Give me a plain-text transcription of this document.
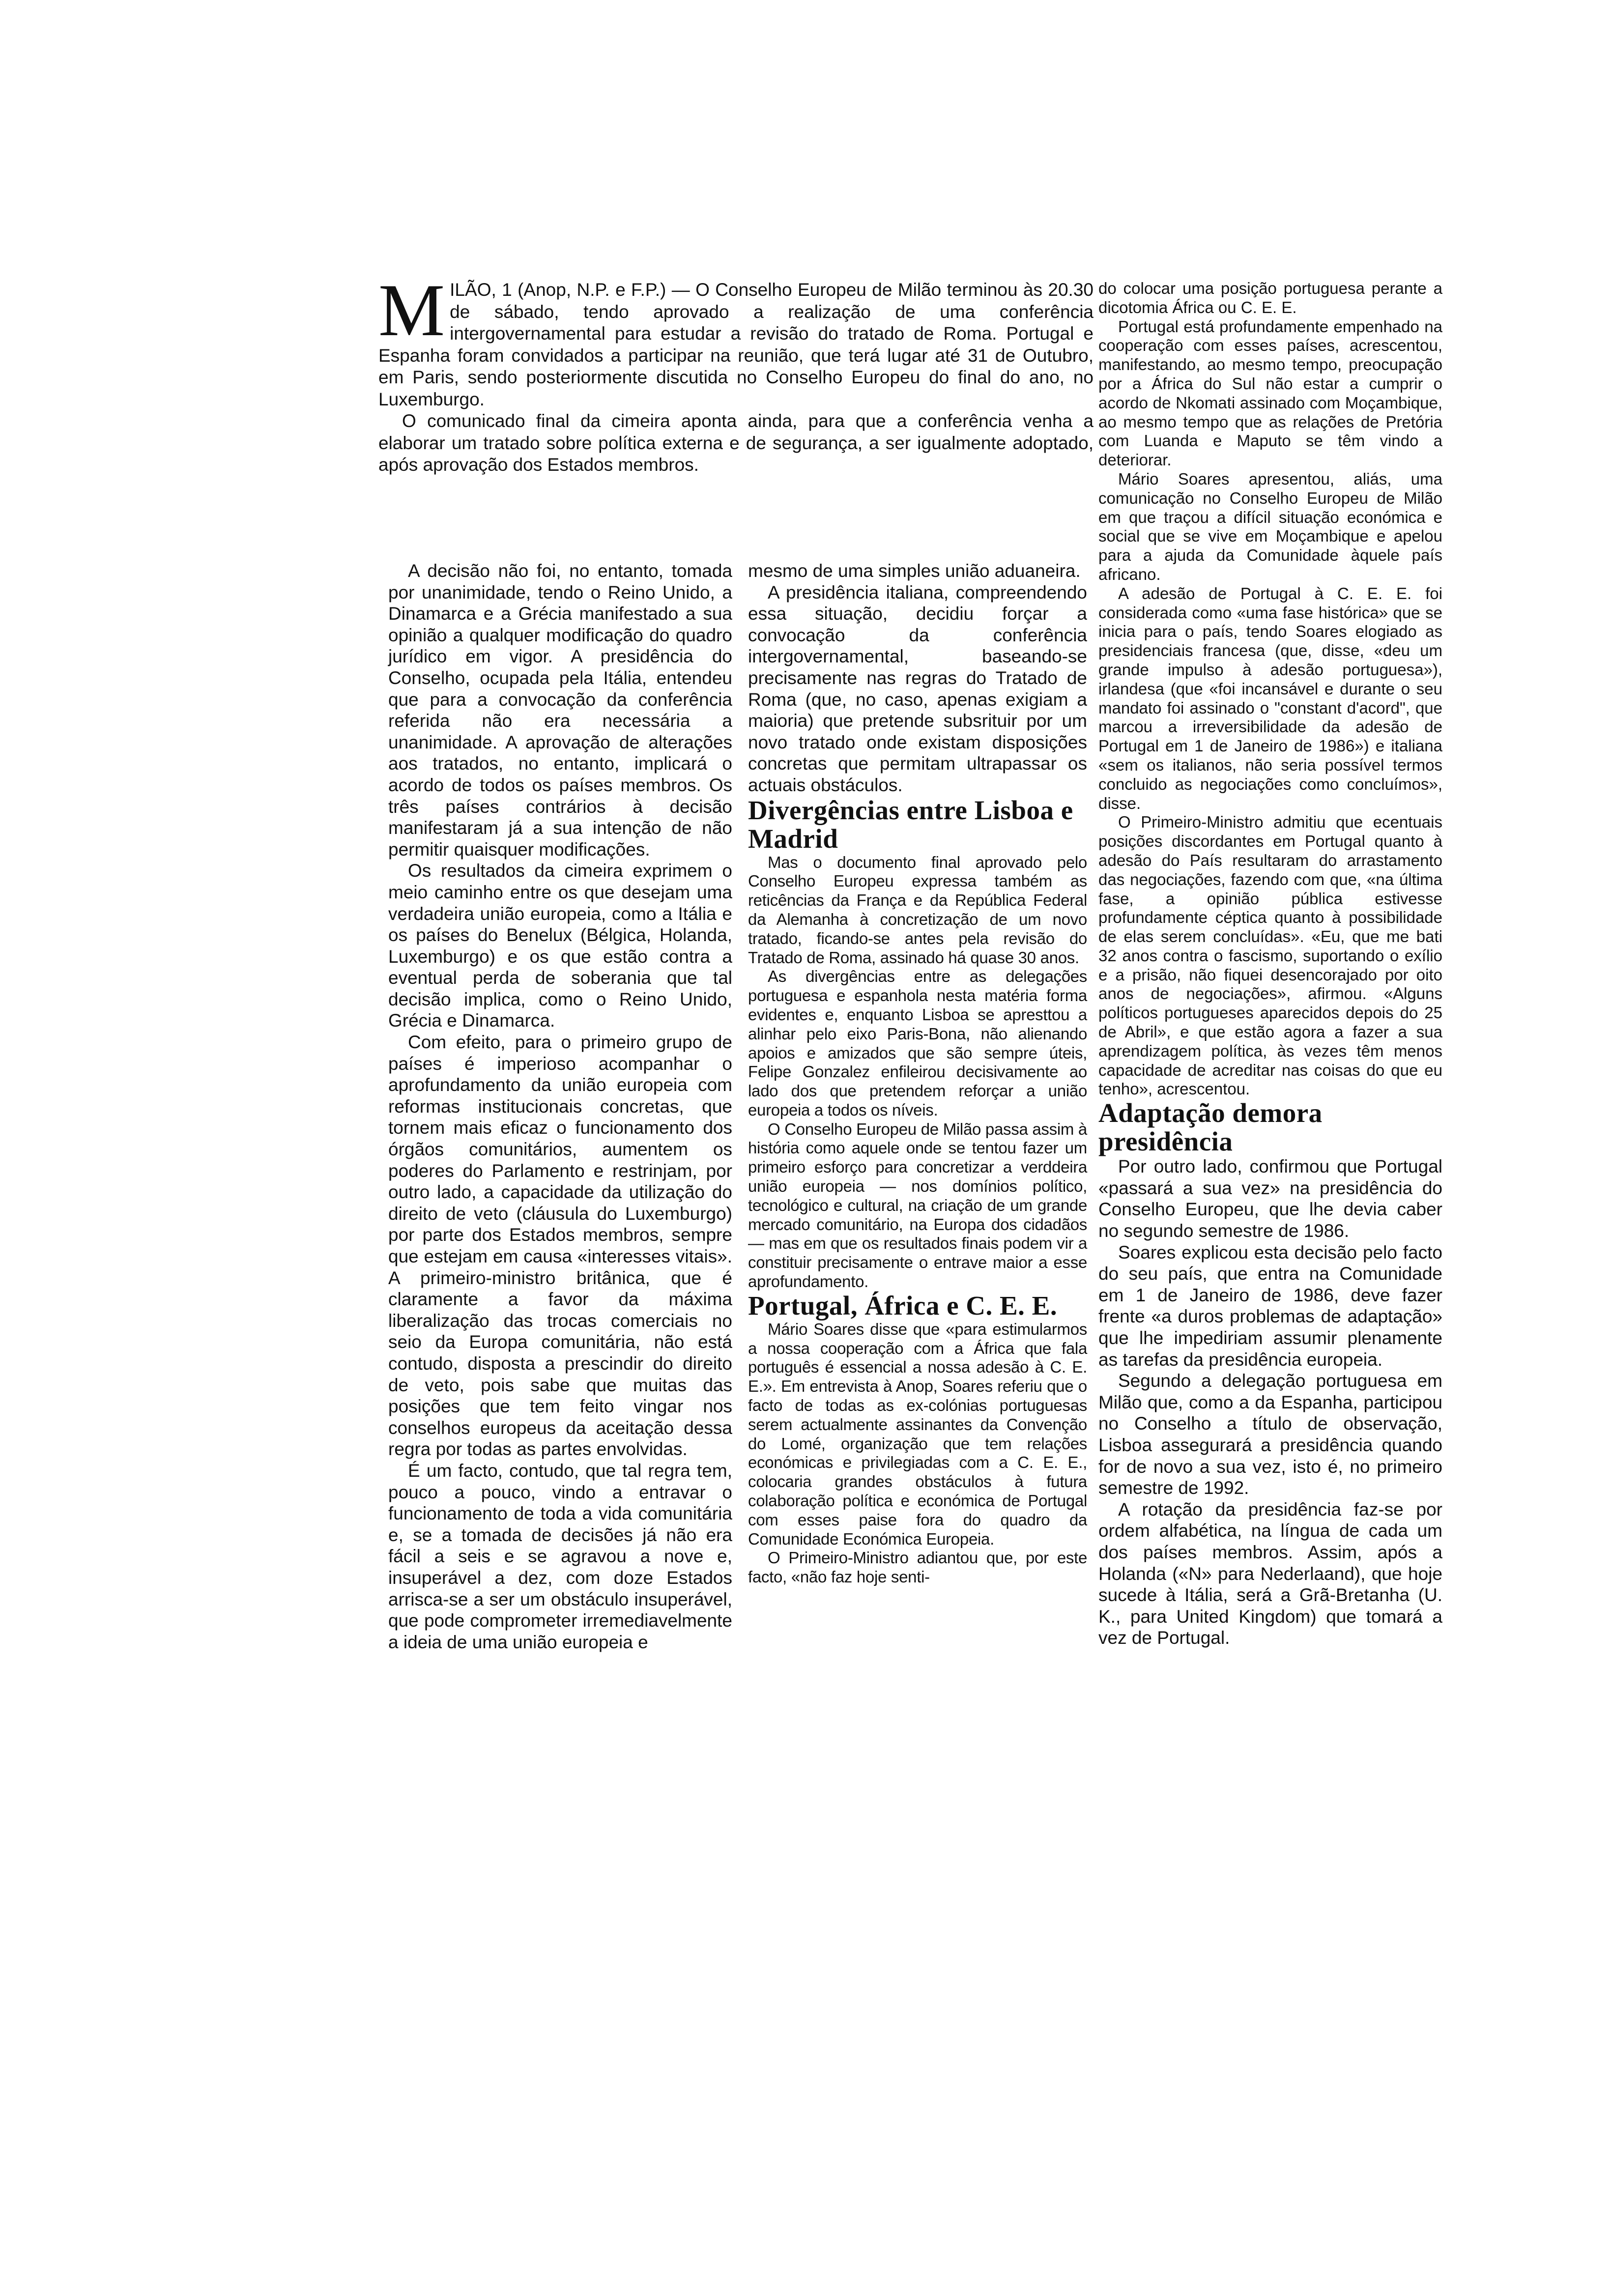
M ILÃO, 1 (Anop, N.P. e F.P.) — O Conselho Europeu de Milão terminou às 20.30 de sábado, tendo aprovado a realização de uma conferência intergovernamental para estudar a revisão do tratado de Roma. Portugal e Espanha foram convidados a participar na reunião, que terá lugar até 31 de Outubro, em Paris, sendo posteriormente discutida no Conselho Europeu do final do ano, no Luxemburgo.

O comunicado final da cimeira aponta ainda, para que a conferência venha a elaborar um tratado sobre política externa e de segurança, a ser igualmente adoptado, após aprovação dos Estados membros.

A decisão não foi, no entanto, tomada por unanimidade, tendo o Reino Unido, a Dinamarca e a Grécia manifestado a sua opinião a qualquer modificação do quadro jurídico em vigor. A presidência do Conselho, ocupada pela Itália, entendeu que para a convocação da conferência referida não era necessária a unanimidade. A aprovação de alterações aos tratados, no entanto, implicará o acordo de todos os países membros. Os três países contrários à decisão manifestaram já a sua intenção de não permitir quaisquer modificações.

Os resultados da cimeira exprimem o meio caminho entre os que desejam uma verdadeira união europeia, como a Itália e os países do Benelux (Bélgica, Holanda, Luxemburgo) e os que estão contra a eventual perda de soberania que tal decisão implica, como o Reino Unido, Grécia e Dinamarca.

Com efeito, para o primeiro grupo de países é imperioso acompanhar o aprofundamento da união europeia com reformas institucionais concretas, que tornem mais eficaz o funcionamento dos órgãos comunitários, aumentem os poderes do Parlamento e restrinjam, por outro lado, a capacidade da utilização do direito de veto (cláusula do Luxemburgo) por parte dos Estados membros, sempre que estejam em causa «interesses vitais». A primeiro-ministro britânica, que é claramente a favor da máxima liberalização das trocas comerciais no seio da Europa comunitária, não está contudo, disposta a prescindir do direito de veto, pois sabe que muitas das posições que tem feito vingar nos conselhos europeus da aceitação dessa regra por todas as partes envolvidas.

É um facto, contudo, que tal regra tem, pouco a pouco, vindo a entravar o funcionamento de toda a vida comunitária e, se a tomada de decisões já não era fácil a seis e se agravou a nove e, insuperável a dez, com doze Estados arrisca-se a ser um obstáculo insuperável, que pode comprometer irremediavelmente a ideia de uma união europeia e

mesmo de uma simples união aduaneira.

A presidência italiana, compreendendo essa situação, decidiu forçar a convocação da conferência intergovernamental, baseando-se precisamente nas regras do Tratado de Roma (que, no caso, apenas exigiam a maioria) que pretende subsrituir por um novo tratado onde existam disposições concretas que permitam ultrapassar os actuais obstáculos.

Divergências entre Lisboa e Madrid

Mas o documento final aprovado pelo Conselho Europeu expressa também as reticências da França e da República Federal da Alemanha à concretização de um novo tratado, ficando-se antes pela revisão do Tratado de Roma, assinado há quase 30 anos.

As divergências entre as delegações portuguesa e espanhola nesta matéria forma evidentes e, enquanto Lisboa se apresttou a alinhar pelo eixo Paris-Bona, não alienando apoios e amizados que são sempre úteis, Felipe Gonzalez enfileirou decisivamente ao lado dos que pretendem reforçar a união europeia a todos os níveis.

O Conselho Europeu de Milão passa assim à história como aquele onde se tentou fazer um primeiro esforço para concretizar a verddeira união europeia — nos domínios político, tecnológico e cultural, na criação de um grande mercado comunitário, na Europa dos cidadãos — mas em que os resultados finais podem vir a constituir precisamente o entrave maior a esse aprofundamento.

Portugal, África e C. E. E.

Mário Soares disse que «para estimularmos a nossa cooperação com a África que fala português é essencial a nossa adesão à C. E. E.». Em entrevista à Anop, Soares referiu que o facto de todas as ex-colónias portuguesas serem actualmente assinantes da Convenção do Lomé, organização que tem relações económicas e privilegiadas com a C. E. E., colocaria grandes obstáculos à futura colaboração política e económica de Portugal com esses paise fora do quadro da Comunidade Económica Europeia.

O Primeiro-Ministro adiantou que, por este facto, «não faz hoje senti-

do colocar uma posição portuguesa perante a dicotomia África ou C. E. E.

Portugal está profundamente empenhado na cooperação com esses países, acrescentou, manifestando, ao mesmo tempo, preocupação por a África do Sul não estar a cumprir o acordo de Nkomati assinado com Moçambique, ao mesmo tempo que as relações de Pretória com Luanda e Maputo se têm vindo a deteriorar.

Mário Soares apresentou, aliás, uma comunicação no Conselho Europeu de Milão em que traçou a difícil situação económica e social que se vive em Moçambique e apelou para a ajuda da Comunidade àquele país africano.

A adesão de Portugal à C. E. E. foi considerada como «uma fase histórica» que se inicia para o país, tendo Soares elogiado as presidenciais francesa (que, disse, «deu um grande impulso à adesão portuguesa»), irlandesa (que «foi incansável e durante o seu mandato foi assinado o "constant d'acord", que marcou a irreversibilidade da adesão de Portugal em 1 de Janeiro de 1986») e italiana «sem os italianos, não seria possível termos concluido as negociações como concluímos», disse.

O Primeiro-Ministro admitiu que ecentuais posições discordantes em Portugal quanto à adesão do País resultaram do arrastamento das negociações, fazendo com que, «na última fase, a opinião pública estivesse profundamente céptica quanto à possibilidade de elas serem concluídas». «Eu, que me bati 32 anos contra o fascismo, suportando o exílio e a prisão, não fiquei desencorajado por oito anos de negociações», afirmou. «Alguns políticos portugueses aparecidos depois do 25 de Abril», e que estão agora a fazer a sua aprendizagem política, às vezes têm menos capacidade de acreditar nas coisas do que eu tenho», acrescentou.

Adaptação demora presidência

Por outro lado, confirmou que Portugal «passará a sua vez» na presidência do Conselho Europeu, que lhe devia caber no segundo semestre de 1986.

Soares explicou esta decisão pelo facto do seu país, que entra na Comunidade em 1 de Janeiro de 1986, deve fazer frente «a duros problemas de adaptação» que lhe impediriam assumir plenamente as tarefas da presidência europeia.

Segundo a delegação portuguesa em Milão que, como a da Espanha, participou no Conselho a título de observação, Lisboa assegurará a presidência quando for de novo a sua vez, isto é, no primeiro semestre de 1992.

A rotação da presidência faz-se por ordem alfabética, na língua de cada um dos países membros. Assim, após a Holanda («N» para Nederlaand), que hoje sucede à Itália, será a Grã-Bretanha (U. K., para United Kingdom) que tomará a vez de Portugal.
